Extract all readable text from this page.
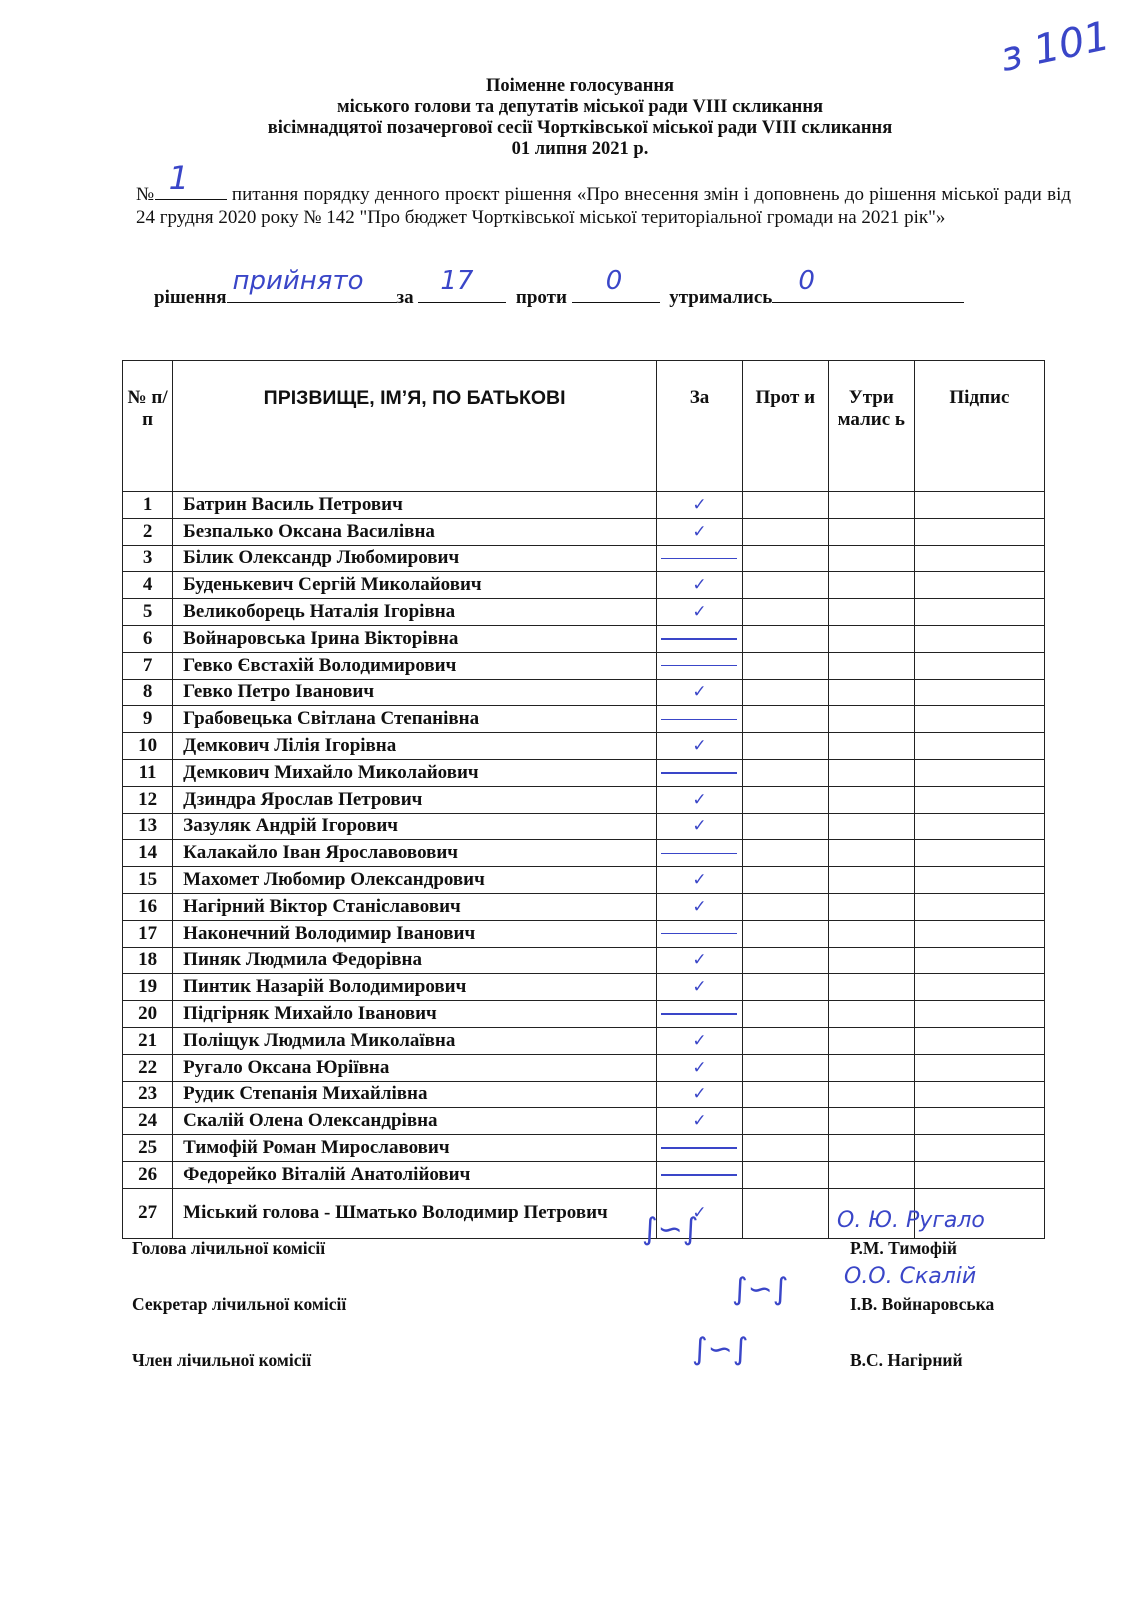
з 101
Поіменне голосування
міського голови та депутатів міської ради VIII скликання
вісімнадцятої позачергової сесії Чортківської міської ради VIII скликання
01 липня 2021 р.
№ 1 питання порядку денного проєкт рішення «Про внесення змін і доповнень до рішення міської ради від 24 грудня 2020 року № 142 "Про бюджет Чортківської міської територіальної громади на 2021 рік"»
рішення
прийнято
за
17
проти
0
утримались
0
№ п/п	ПРІЗВИЩЕ, ІМ’Я, ПО БАТЬКОВІ	За	Прот и	Утри малис ь	Підпис
1	Батрин Василь Петрович	✓			
2	Безпалько Оксана Василівна	✓			
3	Білик Олександр Любомирович	

4	Буденькевич Сергій Миколайович	✓			
5	Великоборець Наталія Ігорівна	✓			
6	Войнаровська Ірина Вікторівна	

7	Гевко Євстахій Володимирович	

8	Гевко Петро Іванович	✓			
9	Грабовецька Світлана Степанівна	

10	Демкович Лілія Ігорівна	✓			
11	Демкович Михайло Миколайович	

12	Дзиндра Ярослав Петрович	✓			
13	Зазуляк Андрій Ігорович	✓			
14	Калакайло Іван Ярославовович	

15	Махомет Любомир Олександрович	✓			
16	Нагірний Віктор Станіславович	✓			
17	Наконечний Володимир Іванович	

18	Пиняк Людмила Федорівна	✓			
19	Пинтик Назарій Володимирович	✓			
20	Підгірняк Михайло Іванович	

21	Поліщук Людмила Миколаївна	✓			
22	Ругало Оксана Юріївна	✓			
23	Рудик Степанія Михайлівна	✓			
24	Скалій Олена Олександрівна	✓			
25	Тимофій Роман Мирославович	

26	Федорейко Віталій Анатолійович	

27	Міський голова - Шматько Володимир Петрович	✓			
Голова лічильної комісії
∫∽∫	О. Ю. Ругало
Р.М. Тимофій
Секретар лічильної комісії	∫∽∫	О.О. Скалій
І.В. Войнаровська
Член лічильної комісії	∫∽∫	В.С. Нагірний
